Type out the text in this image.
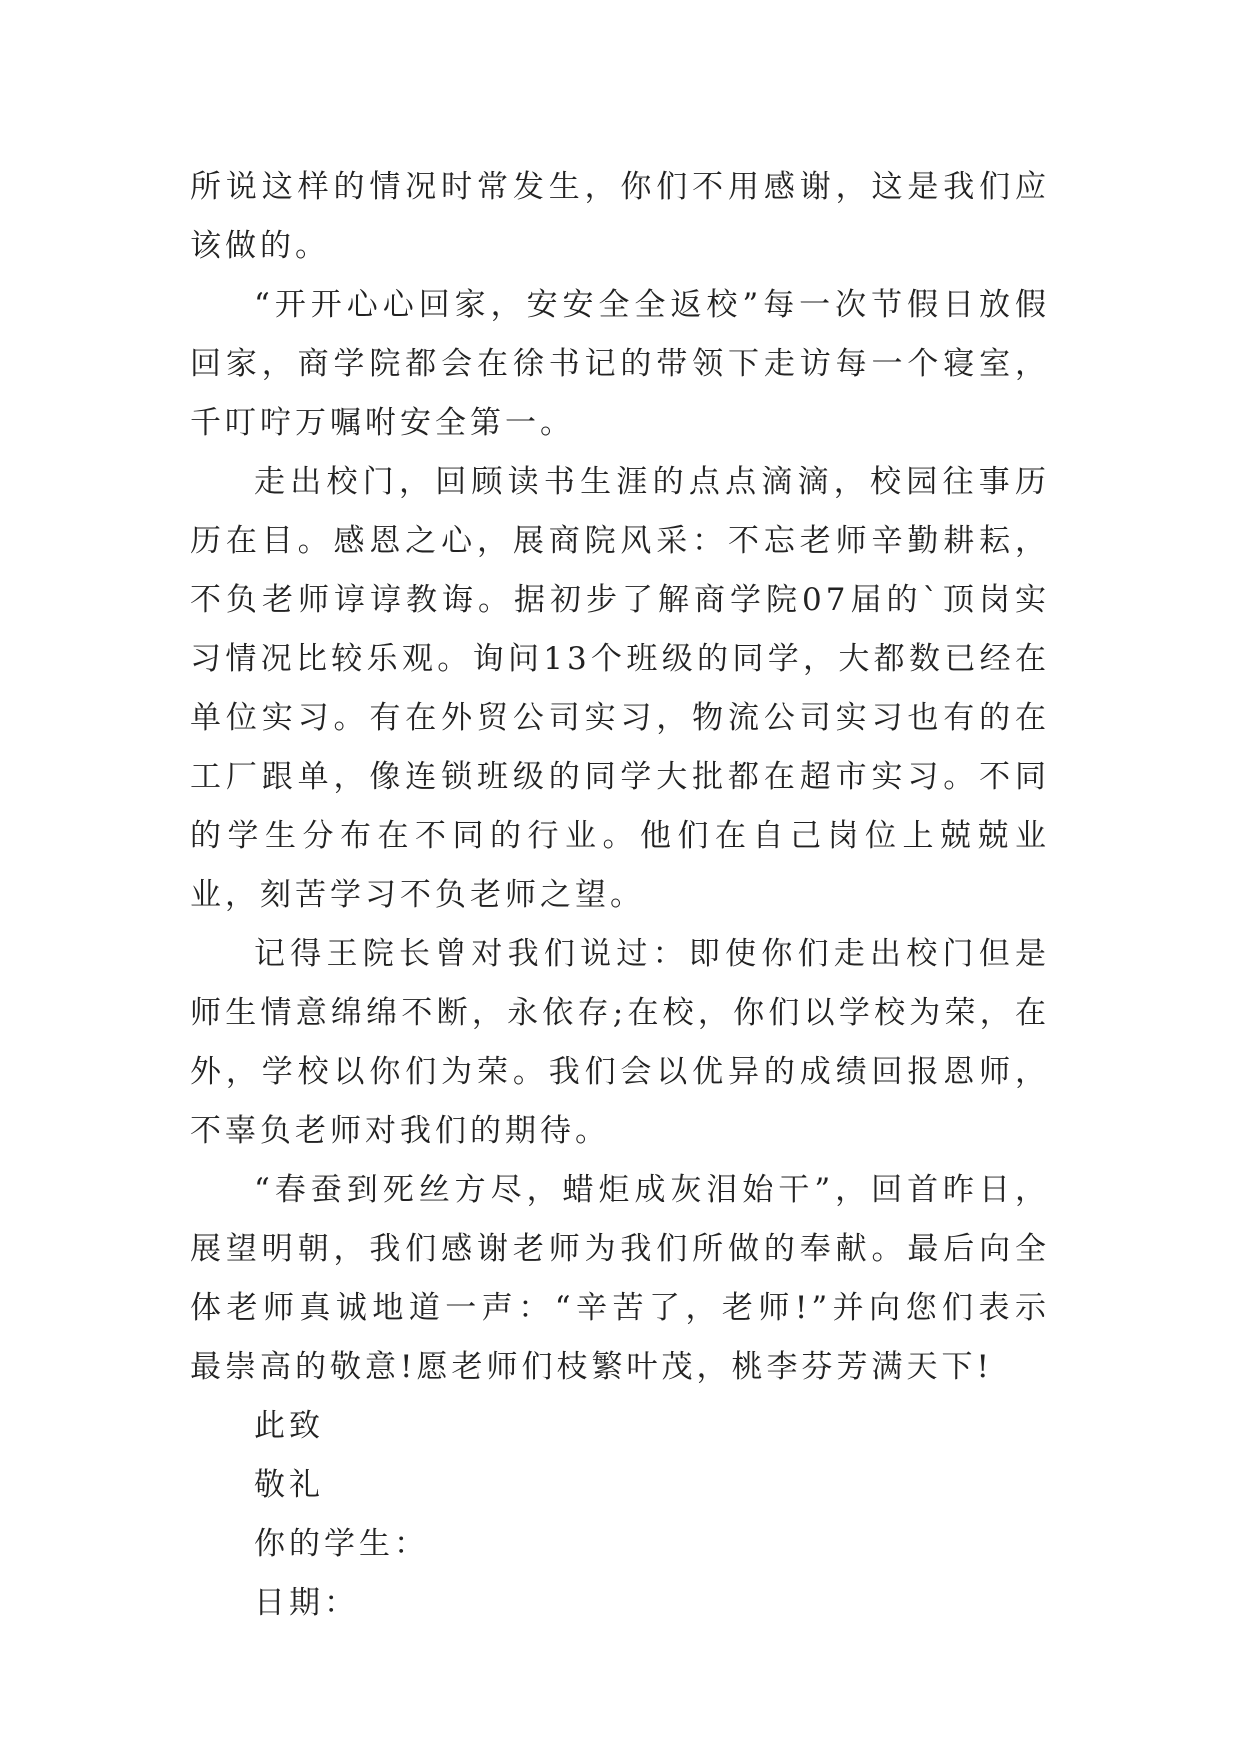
所说这样的情况时常发生，你们不用感谢，这是我们应该做的。

“开开心心回家，安安全全返校”每一次节假日放假回家，商学院都会在徐书记的带领下走访每一个寝室，千叮咛万嘱咐安全第一。

走出校门，回顾读书生涯的点点滴滴，校园往事历历在目。感恩之心，展商院风采：不忘老师辛勤耕耘，不负老师谆谆教诲。据初步了解商学院07届的`顶岗实习情况比较乐观。询问13个班级的同学，大都数已经在单位实习。有在外贸公司实习，物流公司实习也有的在工厂跟单，像连锁班级的同学大批都在超市实习。不同的学生分布在不同的行业。他们在自己岗位上兢兢业业，刻苦学习不负老师之望。

记得王院长曾对我们说过：即使你们走出校门但是师生情意绵绵不断，永依存;在校，你们以学校为荣，在外，学校以你们为荣。我们会以优异的成绩回报恩师，不辜负老师对我们的期待。

“春蚕到死丝方尽，蜡炬成灰泪始干”，回首昨日，展望明朝，我们感谢老师为我们所做的奉献。最后向全体老师真诚地道一声：“辛苦了，老师!”并向您们表示最崇高的敬意!愿老师们枝繁叶茂，桃李芬芳满天下!

此致

敬礼

你的学生：

日期：
